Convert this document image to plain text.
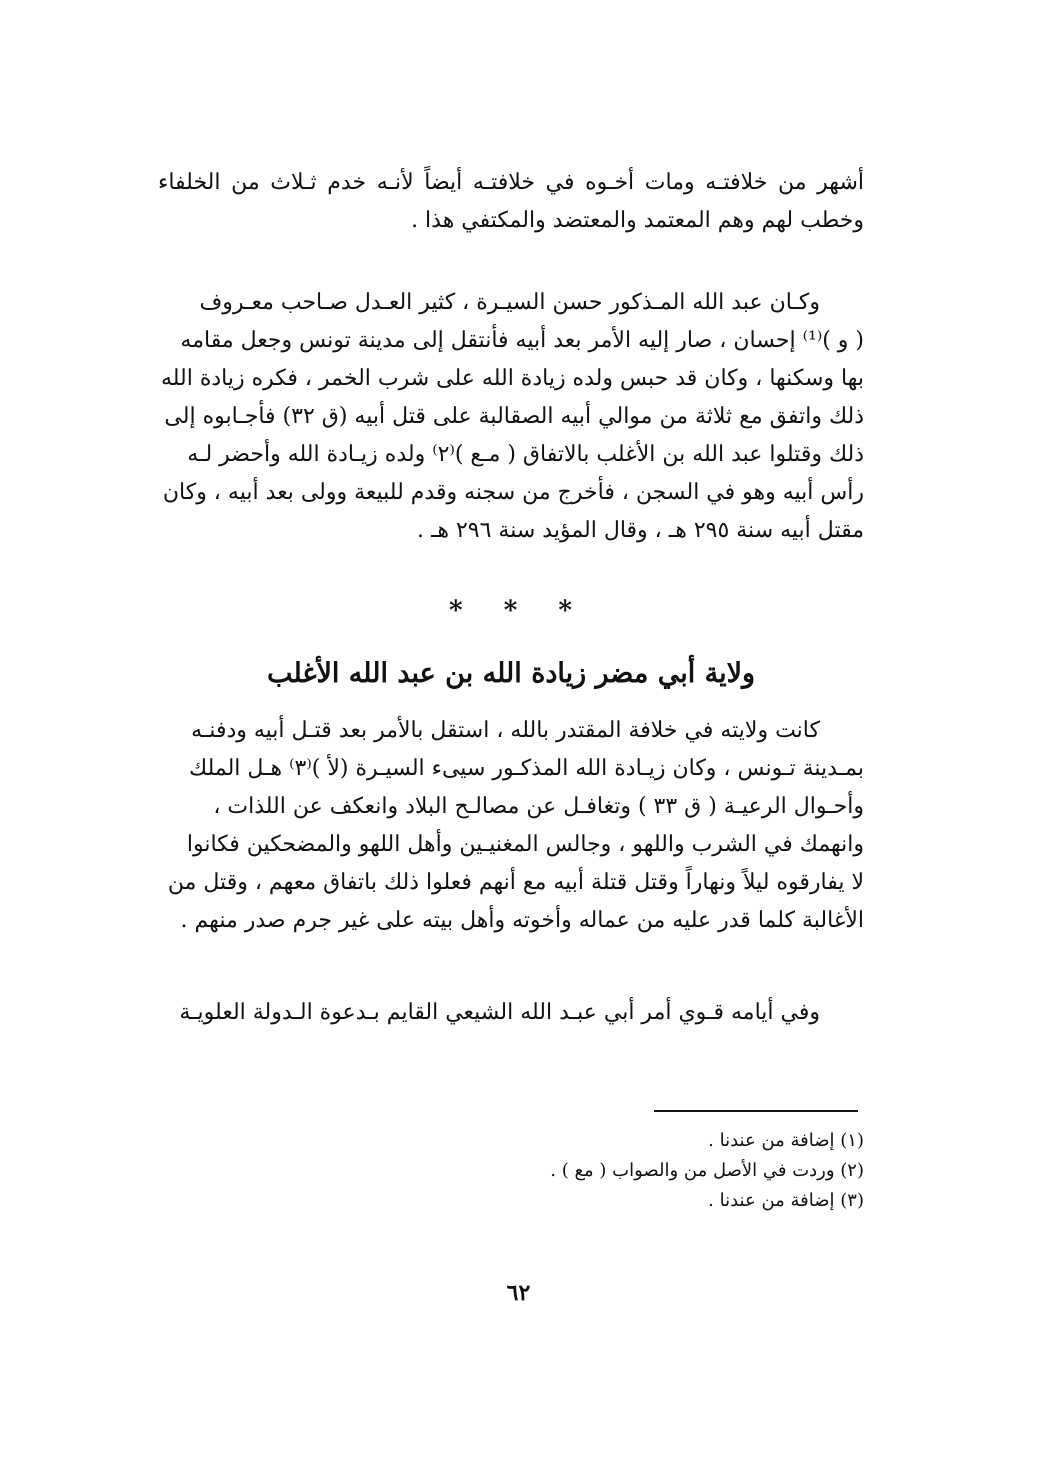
أشهر من خلافتـه ومات أخـوه في خلافتـه أيضاً لأنـه خدم ثـلاث من الخلفاء
وخطب لهم وهم المعتمد والمعتضد والمكتفي هذا .
وكـان عبد الله المـذكور حسن السيـرة ، كثير العـدل صـاحب معـروف
( و )⁽¹⁾ إحسان ، صار إليه الأمر بعد أبيه فأنتقل إلى مدينة تونس وجعل مقامه
بها وسكنها ، وكان قد حبس ولده زيادة الله على شرب الخمر ، فكره زيادة الله
ذلك واتفق مع ثلاثة من موالي أبيه الصقالبة على قتل أبيه (ق ٣٢) فأجـابوه إلى
ذلك وقتلوا عبد الله بن الأغلب بالاتفاق ( مـع )⁽٢⁾ ولده زيـادة الله وأحضر لـه
رأس أبيه وهو في السجن ، فأخرج من سجنه وقدم للبيعة وولى بعد أبيه ، وكان
مقتل أبيه سنة ٢٩٥ هـ ، وقال المؤيد سنة ٢٩٦ هـ .
* * *
ولاية أبي مضر زيادة الله بن عبد الله الأغلب
كانت ولايته في خلافة المقتدر بالله ، استقل بالأمر بعد قتـل أبيه ودفنـه
بمـدينة تـونس ، وكان زيـادة الله المذكـور سيىء السيـرة (لأ )⁽٣⁾ هـل الملك
وأحـوال الرعيـة ( ق ٣٣ ) وتغافـل عن مصالـح البلاد وانعكف عن اللذات ،
وانهمك في الشرب واللهو ، وجالس المغنيـين وأهل اللهو والمضحكين فكانوا
لا يفارقوه ليلاً ونهاراً وقتل قتلة أبيه مع أنهم فعلوا ذلك باتفاق معهم ، وقتل من
الأغالبة كلما قدر عليه من عماله وأخوته وأهل بيته على غير جرم صدر منهم .
وفي أيامه قـوي أمر أبي عبـد الله الشيعي القايم بـدعوة الـدولة العلويـة
(١) إضافة من عندنا .
(٢) وردت في الأصل من والصواب ( مع ) .
(٣) إضافة من عندنا .
٦٢
